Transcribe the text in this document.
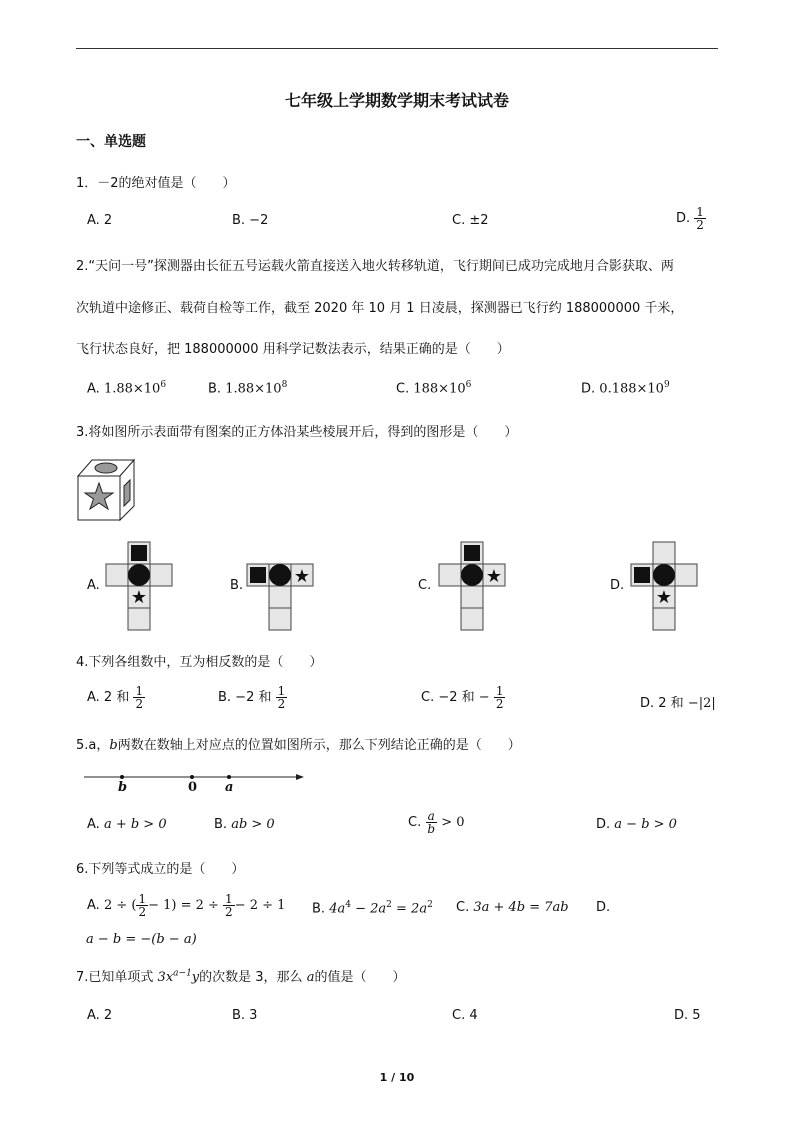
七年级上学期数学期末考试试卷
一、单选题
1．－2的绝对值是（　　）
A. 2	B. −2	C. ±2	D. $\frac{1}{2}$
2.“天问一号”探测器由长征五号运载火箭直接送入地火转移轨道，飞行期间已成功完成地月合影获取、两
次轨道中途修正、载荷自检等工作，截至 2020 年 10 月 1 日凌晨，探测器已飞行约 188000000 千米，
飞行状态良好，把 188000000 用科学记数法表示，结果正确的是（　　）
A. $1.88\times 10^6$	B. $1.88\times 10^8$	C. $188\times 10^6$	D. $0.188\times 10^9$
3.将如图所示表面带有图案的正方体沿某些棱展开后，得到的图形是（　　）
A.
★
B.	★	C.	★	D.
★
4.下列各组数中，互为相反数的是（　　）
A. 2 和 $\frac{1}{2}$	B. −2 和 $\frac{1}{2}$	C. −2 和 − $\frac{1}{2}$	D. 2 和 −|2|
5.a，b两数在数轴上对应点的位置如图所示，那么下列结论正确的是（　　）
b	0 a
A. a + b > 0	B. ab > 0	C. $\frac{a}{b} > 0$	D. a − b > 0
6.下列等式成立的是（　　）
A. 2 ÷ ( $\frac{1}{2} - 1) = 2 \div \frac{1}{2} - 2 \div 1$ B. $4a^4 - 2a^2 = 2a^2$ C. 3a + 4b = 7ab D.
a − b = −(b − a)
7.已知单项式 $3x^{a-1}y$的次数是 3，那么 a的值是（　　）
A. 2	B. 3	C. 4	D. 5
1 / 10
